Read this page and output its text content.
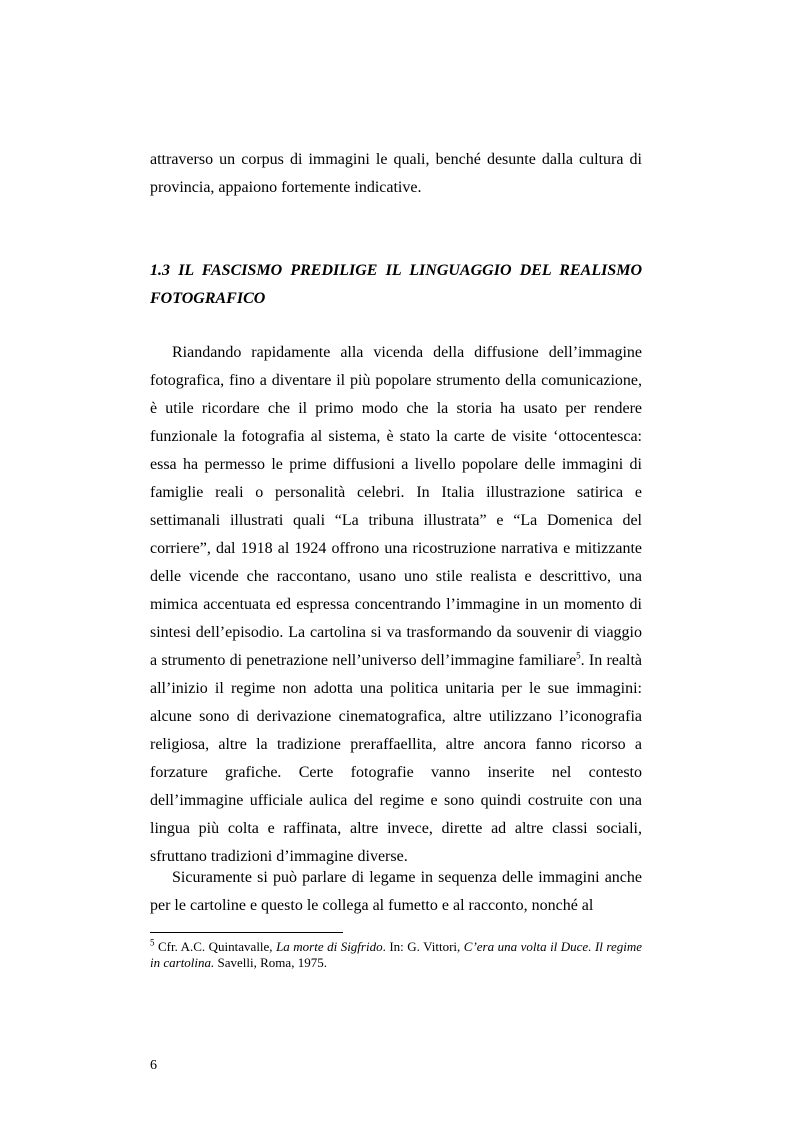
attraverso un corpus di immagini le quali, benché desunte dalla cultura di provincia, appaiono fortemente indicative.

1.3 IL FASCISMO PREDILIGE IL LINGUAGGIO DEL REALISMO FOTOGRAFICO

Riandando rapidamente alla vicenda della diffusione dell’immagine fotografica, fino a diventare il più popolare strumento della comunicazione, è utile ricordare che il primo modo che la storia ha usato per rendere funzionale la fotografia al sistema, è stato la carte de visite ‘ottocentesca: essa ha permesso le prime diffusioni a livello popolare delle immagini di famiglie reali o personalità celebri. In Italia illustrazione satirica e settimanali illustrati quali “La tribuna illustrata” e “La Domenica del corriere”, dal 1918 al 1924 offrono una ricostruzione narrativa e mitizzante delle vicende che raccontano, usano uno stile realista e descrittivo, una mimica accentuata ed espressa concentrando l’immagine in un momento di sintesi dell’episodio. La cartolina si va trasformando da souvenir di viaggio a strumento di penetrazione nell’universo dell’immagine familiare$^5$. In realtà all’inizio il regime non adotta una politica unitaria per le sue immagini: alcune sono di derivazione cinematografica, altre utilizzano l’iconografia religiosa, altre la tradizione preraffaellita, altre ancora fanno ricorso a forzature grafiche. Certe fotografie vanno inserite nel contesto dell’immagine ufficiale aulica del regime e sono quindi costruite con una lingua più colta e raffinata, altre invece, dirette ad altre classi sociali, sfruttano tradizioni d’immagine diverse.

Sicuramente si può parlare di legame in sequenza delle immagini anche per le cartoline e questo le collega al fumetto e al racconto, nonché al

$^5$ Cfr. A.C. Quintavalle, La morte di Sigfrido. In: G. Vittori, C’era una volta il Duce. Il regime in cartolina. Savelli, Roma, 1975.

6
